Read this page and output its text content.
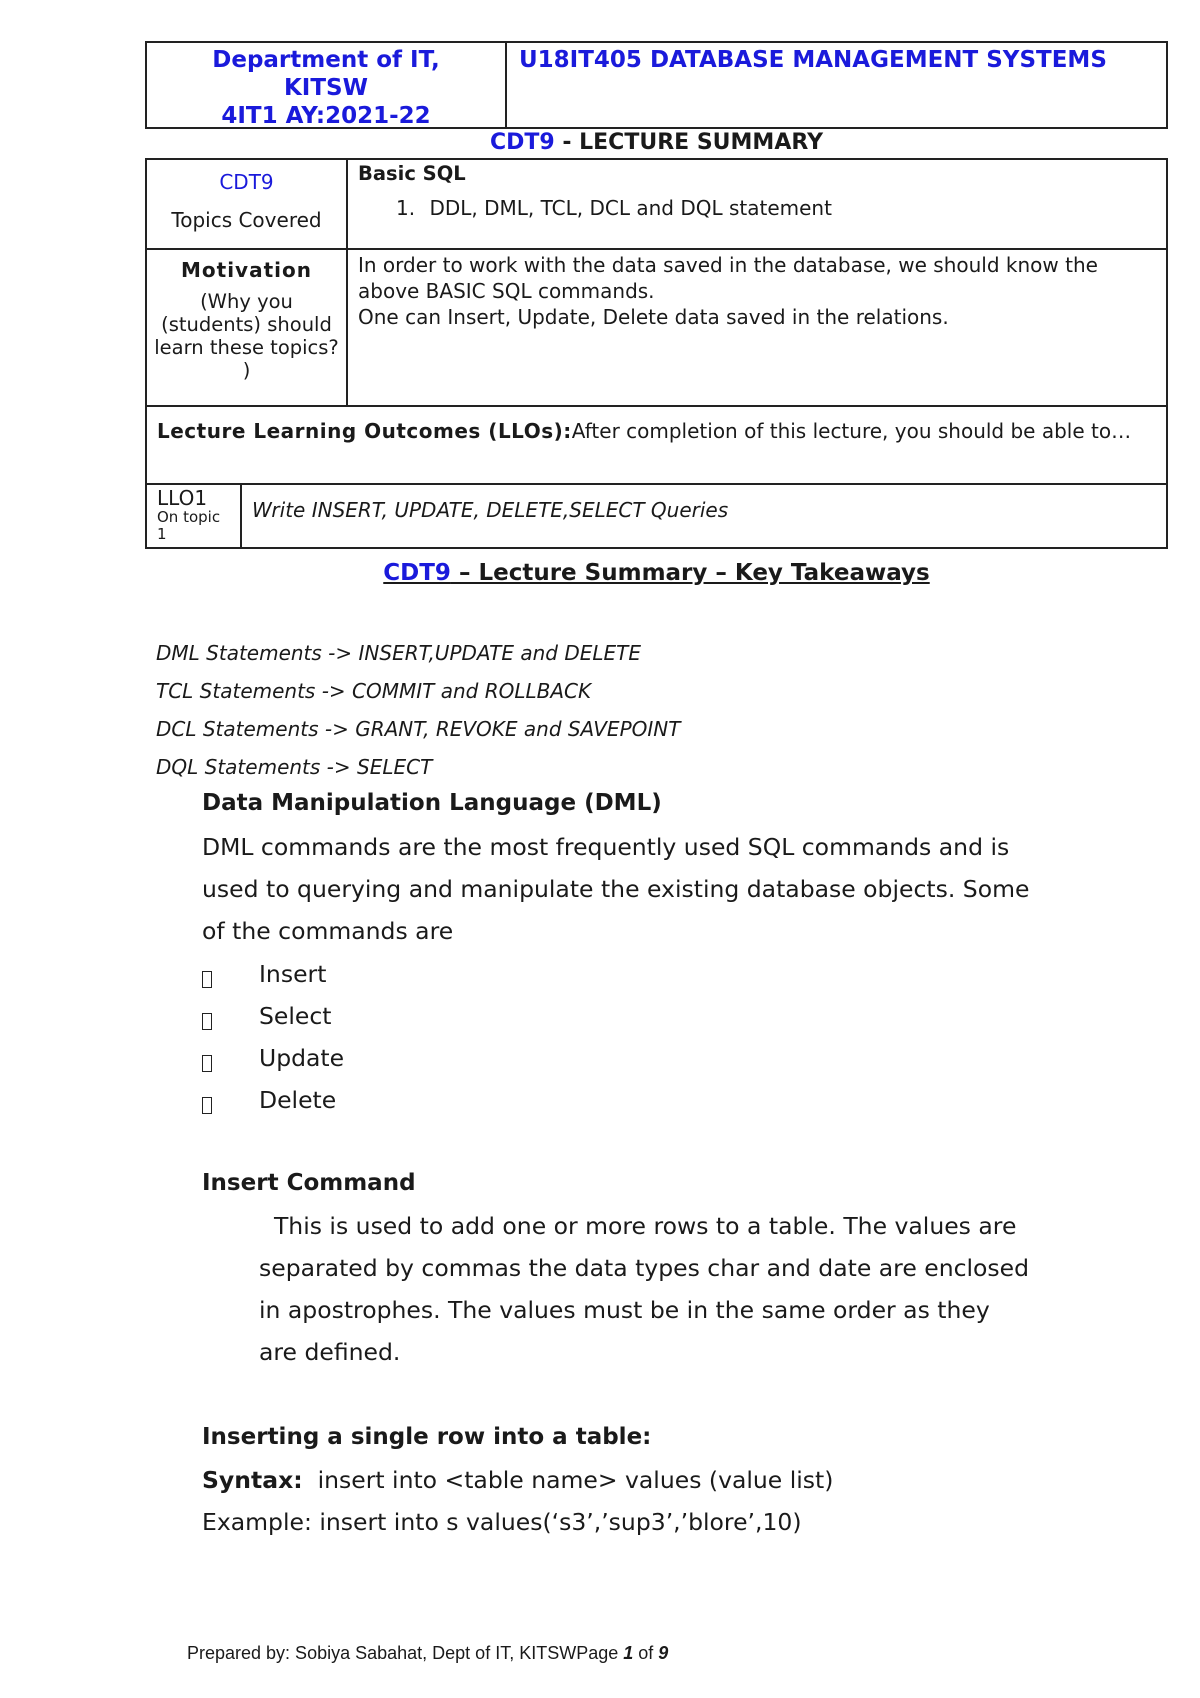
Department of IT,
KITSW
4IT1 AY:2021-22
U18IT405 DATABASE MANAGEMENT SYSTEMS
CDT9 - LECTURE SUMMARY
CDT9
Topics Covered
Basic SQL
1. DDL, DML, TCL, DCL and DQL statement
Motivation
(Why you (students) should learn these topics? )
In order to work with the data saved in the database, we should know the above BASIC SQL commands.
One can Insert, Update, Delete data saved in the relations.
Lecture Learning Outcomes (LLOs):After completion of this lecture, you should be able to…
LLO1
On topic 1
Write INSERT, UPDATE, DELETE,SELECT Queries
CDT9 – Lecture Summary – Key Takeaways
DML Statements -> INSERT,UPDATE and DELETE
TCL Statements -> COMMIT and ROLLBACK
DCL Statements -> GRANT, REVOKE and SAVEPOINT
DQL Statements -> SELECT
Data Manipulation Language (DML)
DML commands are the most frequently used SQL commands and is
used to querying and manipulate the existing database objects. Some
of the commands are
Insert
Select
Update
Delete
Insert Command
This is used to add one or more rows to a table. The values are
separated by commas the data types char and date are enclosed
in apostrophes. The values must be in the same order as they
are defined.
Inserting a single row into a table:
Syntax:  insert into <table name> values (value list)
Example: insert into s values(‘s3’,’sup3’,’blore’,10)
Prepared by: Sobiya Sabahat, Dept of IT, KITSWPage 1 of 9
